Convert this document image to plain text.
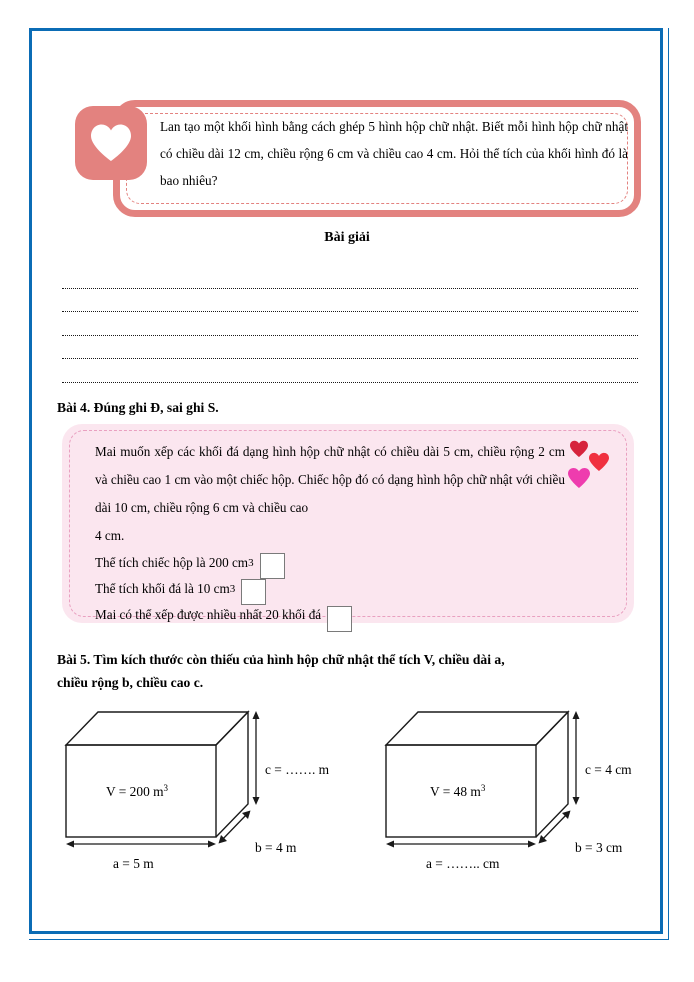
Lan tạo một khối hình bằng cách ghép 5 hình hộp chữ nhật. Biết mỗi hình hộp chữ nhật có chiều dài 12 cm, chiều rộng 6 cm và chiều cao 4 cm. Hỏi thể tích của khối hình đó là bao nhiêu?

Bài giải
Bài 4. Đúng ghi Đ, sai ghi S.

Mai muốn xếp các khối đá dạng hình hộp chữ nhật có chiều dài 5 cm, chiều rộng 2 cm và chiều cao 1 cm vào một chiếc hộp. Chiếc hộp đó có dạng hình hộp chữ nhật với chiều dài 10 cm, chiều rộng 6 cm và chiều cao

4 cm.

Thể tích chiếc hộp là 200 cm 3
Thể tích khối đá là 10 cm 3
Mai có thể xếp được nhiều nhất 20 khối đá
Bài 5. Tìm kích thước còn thiếu của hình hộp chữ nhật thể tích V, chiều dài a,
chiều rộng b, chiều cao c.
V = 200 $m^3$
c = ……. m
b = 4 m
a = 5 m
V = 48 $m^3$
c = 4 cm
b = 3 cm
a = …….. cm
